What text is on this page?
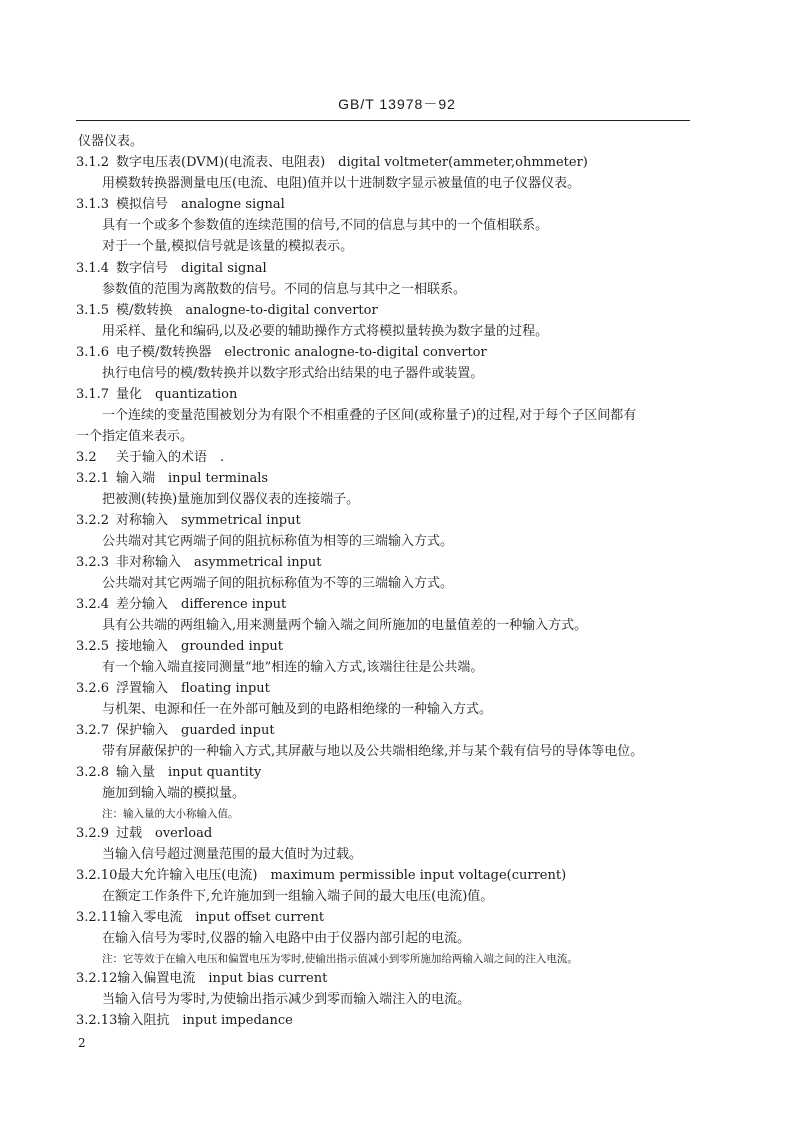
GB/T 13978－92
仪器仪表。
3.1.2 数字电压表(DVM)(电流表、电阻表)　digital voltmeter(ammeter,ohmmeter)
用模数转换器测量电压(电流、电阻)值并以十进制数字显示被量值的电子仪器仪表。
3.1.3 模拟信号　analogne signal
具有一个或多个参数值的连续范围的信号,不同的信息与其中的一个值相联系。
对于一个量,模拟信号就是该量的模拟表示。
3.1.4 数字信号　digital signal
参数值的范围为离散数的信号。不同的信息与其中之一相联系。
3.1.5 模/数转换　analogne-to-digital convertor
用采样、量化和编码,以及必要的辅助操作方式将模拟量转换为数字量的过程。
3.1.6 电子模/数转换器　electronic analogne-to-digital convertor
执行电信号的模/数转换并以数字形式给出结果的电子器件或装置。
3.1.7 量化　quantization
一个连续的变量范围被划分为有限个不相重叠的子区间(或称量子)的过程,对于每个子区间都有
一个指定值来表示。
3.2 关于输入的术语　.
3.2.1 输入端　inpul terminals
把被测(转换)量施加到仪器仪表的连接端子。
3.2.2 对称输入　symmetrical input
公共端对其它两端子间的阻抗标称值为相等的三端输入方式。
3.2.3 非对称输入　asymmetrical input
公共端对其它两端子间的阻抗标称值为不等的三端输入方式。
3.2.4 差分输入　difference input
具有公共端的两组输入,用来测量两个输入端之间所施加的电量值差的一种输入方式。
3.2.5 接地输入　grounded input
有一个输入端直接同测量“地”相连的输入方式,该端往往是公共端。
3.2.6 浮置输入　floating input
与机架、电源和任一在外部可触及到的电路相绝缘的一种输入方式。
3.2.7 保护输入　guarded input
带有屏蔽保护的一种输入方式,其屏蔽与地以及公共端相绝缘,并与某个载有信号的导体等电位。
3.2.8 输入量　input quantity
施加到输入端的模拟量。
注：输入量的大小称输入值。
3.2.9 过载　overload
当输入信号超过测量范围的最大值时为过载。
3.2.10最大允许输入电压(电流)　maximum permissible input voltage(current)
在额定工作条件下,允许施加到一组输入端子间的最大电压(电流)值。
3.2.11输入零电流　input offset current
在输入信号为零时,仪器的输入电路中由于仪器内部引起的电流。
注：它等效于在输入电压和偏置电压为零时,使输出指示值减小到零所施加给两输入端之间的注入电流。
3.2.12输入偏置电流　input bias current
当输入信号为零时,为使输出指示减少到零而输入端注入的电流。
3.2.13输入阻抗　input impedance
2
